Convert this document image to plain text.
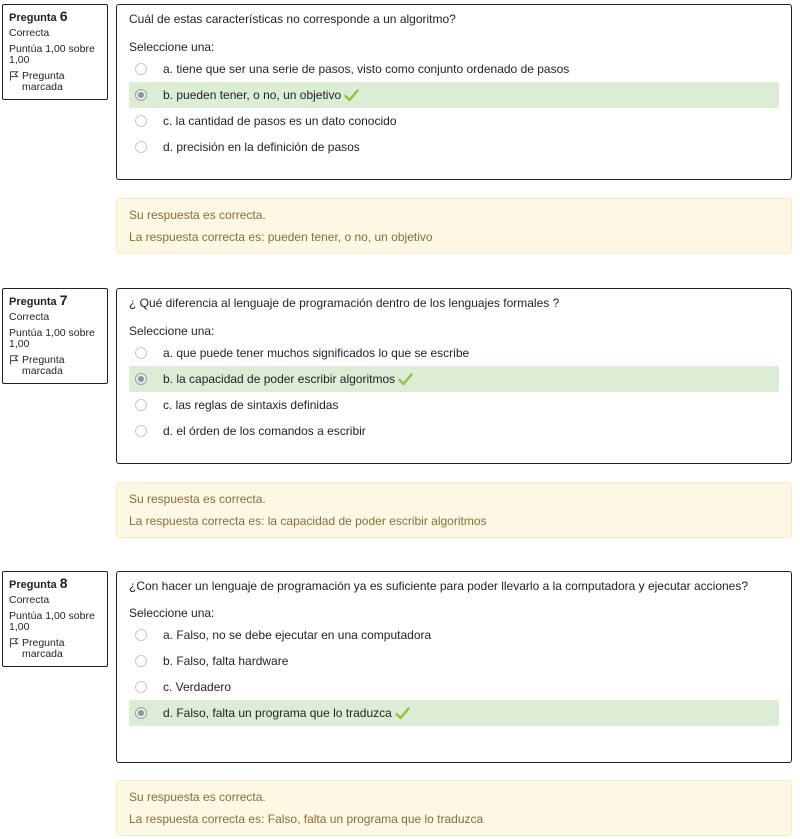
Pregunta 6
Correcta
Puntúa 1,00 sobre 1,00
Pregunta marcada

Cuál de estas características no corresponde a un algoritmo?

Seleccione una:
a. tiene que ser una serie de pasos, visto como conjunto ordenado de pasos
b. pueden tener, o no, un objetivo
c. la cantidad de pasos es un dato conocido
d. precisión en la definición de pasos
Su respuesta es correcta.
La respuesta correcta es: pueden tener, o no, un objetivo
Pregunta 7
Correcta
Puntúa 1,00 sobre 1,00
Pregunta marcada

¿ Qué diferencia al lenguaje de programación dentro de los lenguajes formales ?

Seleccione una:
a. que puede tener muchos significados lo que se escribe
b. la capacidad de poder escribir algoritmos
c. las reglas de sintaxis definidas
d. el órden de los comandos a escribir
Su respuesta es correcta.
La respuesta correcta es: la capacidad de poder escribir algoritmos
Pregunta 8
Correcta
Puntúa 1,00 sobre 1,00
Pregunta marcada

¿Con hacer un lenguaje de programación ya es suficiente para poder llevarlo a la computadora y ejecutar acciones?

Seleccione una:
a. Falso, no se debe ejecutar en una computadora
b. Falso, falta hardware
c. Verdadero
d. Falso, falta un programa que lo traduzca
Su respuesta es correcta.
La respuesta correcta es: Falso, falta un programa que lo traduzca
